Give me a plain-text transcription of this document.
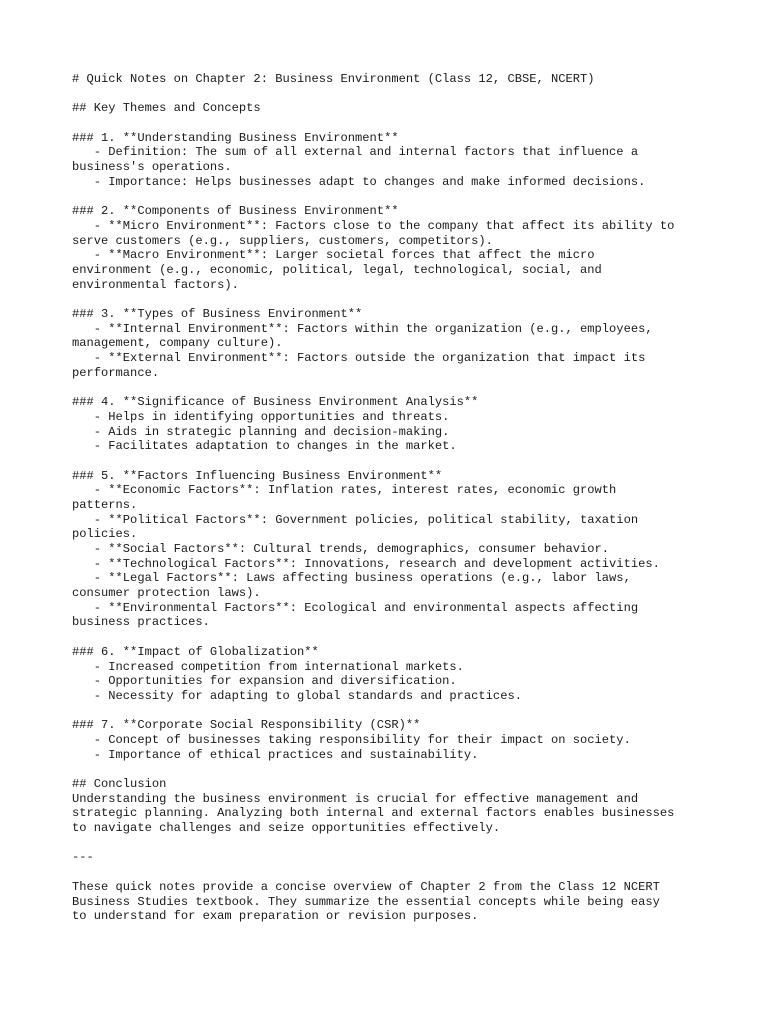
# Quick Notes on Chapter 2: Business Environment (Class 12, CBSE, NCERT)
## Key Themes and Concepts
### 1. **Understanding Business Environment**
- Definition: The sum of all external and internal factors that influence a
business's operations.
- Importance: Helps businesses adapt to changes and make informed decisions.
### 2. **Components of Business Environment**
- **Micro Environment**: Factors close to the company that affect its ability to
serve customers (e.g., suppliers, customers, competitors).
- **Macro Environment**: Larger societal forces that affect the micro
environment (e.g., economic, political, legal, technological, social, and
environmental factors).
### 3. **Types of Business Environment**
- **Internal Environment**: Factors within the organization (e.g., employees,
management, company culture).
- **External Environment**: Factors outside the organization that impact its
performance.
### 4. **Significance of Business Environment Analysis**
- Helps in identifying opportunities and threats.
- Aids in strategic planning and decision-making.
- Facilitates adaptation to changes in the market.
### 5. **Factors Influencing Business Environment**
- **Economic Factors**: Inflation rates, interest rates, economic growth
patterns.
- **Political Factors**: Government policies, political stability, taxation
policies.
- **Social Factors**: Cultural trends, demographics, consumer behavior.
- **Technological Factors**: Innovations, research and development activities.
- **Legal Factors**: Laws affecting business operations (e.g., labor laws,
consumer protection laws).
- **Environmental Factors**: Ecological and environmental aspects affecting
business practices.
### 6. **Impact of Globalization**
- Increased competition from international markets.
- Opportunities for expansion and diversification.
- Necessity for adapting to global standards and practices.
### 7. **Corporate Social Responsibility (CSR)**
- Concept of businesses taking responsibility for their impact on society.
- Importance of ethical practices and sustainability.
## Conclusion
Understanding the business environment is crucial for effective management and
strategic planning. Analyzing both internal and external factors enables businesses
to navigate challenges and seize opportunities effectively.
---
These quick notes provide a concise overview of Chapter 2 from the Class 12 NCERT
Business Studies textbook. They summarize the essential concepts while being easy
to understand for exam preparation or revision purposes.
